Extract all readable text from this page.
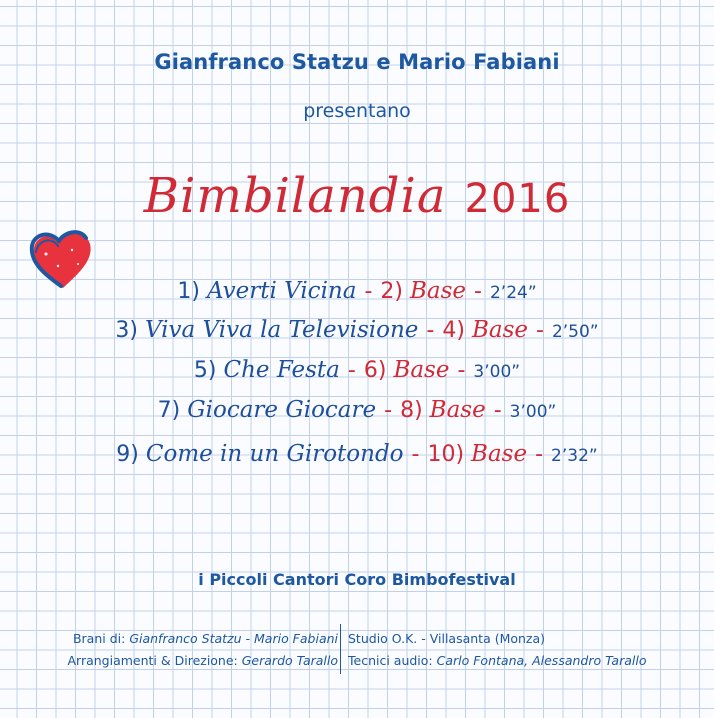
Gianfranco Statzu e Mario Fabiani
presentano
Bimbilandia 2016
1) Averti Vicina - 2) Base - 2’24”
3) Viva Viva la Televisione - 4) Base - 2’50”
5) Che Festa - 6) Base - 3’00”
7) Giocare Giocare - 8) Base - 3’00”
9) Come in un Girotondo - 10) Base - 2’32”
i Piccoli Cantori Coro Bimbofestival
Brani di: Gianfranco Statzu - Mario Fabiani
Arrangiamenti & Direzione: Gerardo Tarallo
Studio O.K. - Villasanta (Monza)
Tecnici audio: Carlo Fontana, Alessandro Tarallo
